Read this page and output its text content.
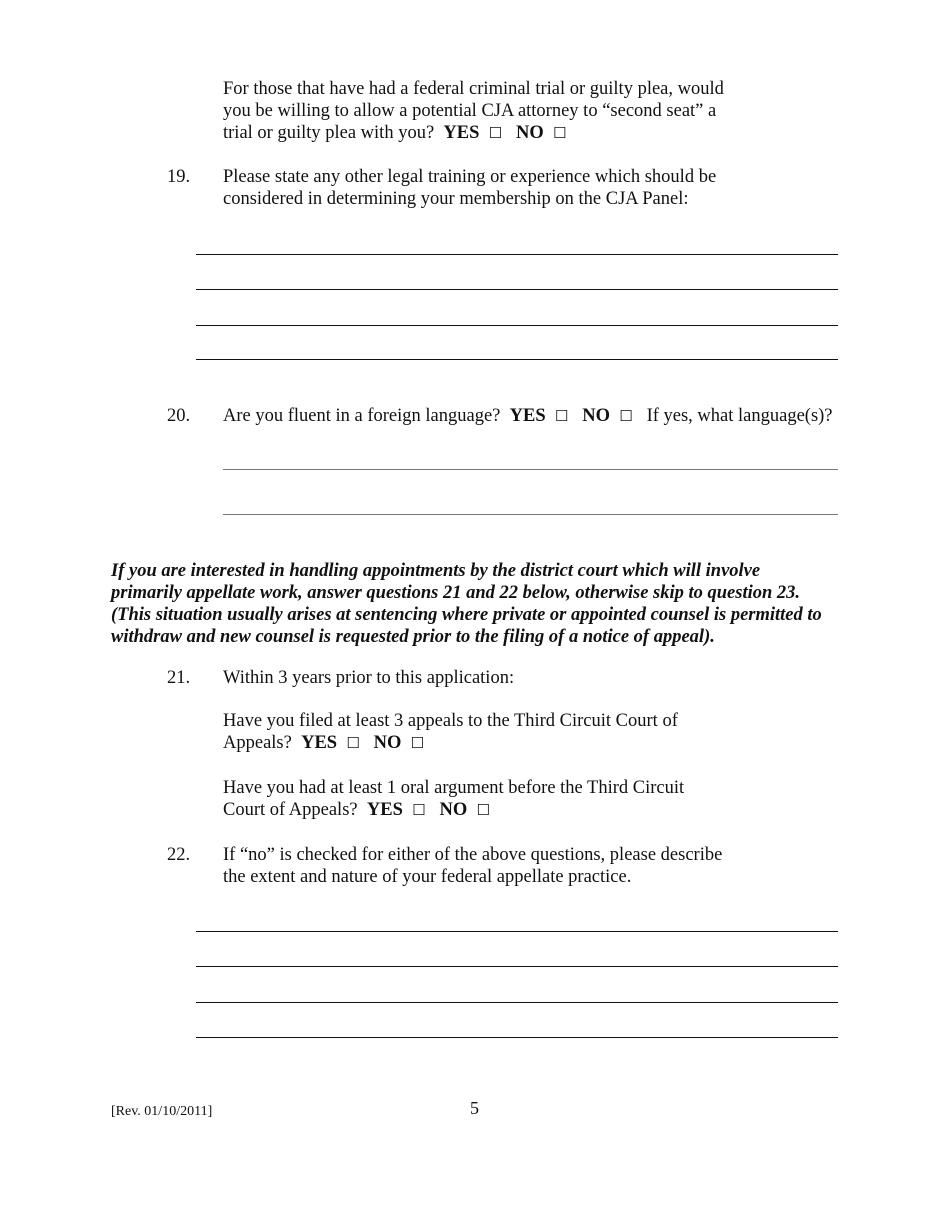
For those that have had a federal criminal trial or guilty plea, would
you be willing to allow a potential CJA attorney to “second seat” a
trial or guilty plea with you? YES ☐ NO ☐
19. Please state any other legal training or experience which should be
considered in determining your membership on the CJA Panel:
20. Are you fluent in a foreign language? YES ☐ NO ☐ If yes, what language(s)?
If you are interested in handling appointments by the district court which will involve
primarily appellate work, answer questions 21 and 22 below, otherwise skip to question 23.
(This situation usually arises at sentencing where private or appointed counsel is permitted to
withdraw and new counsel is requested prior to the filing of a notice of appeal).
21. Within 3 years prior to this application:
Have you filed at least 3 appeals to the Third Circuit Court of
Appeals? YES ☐ NO ☐
Have you had at least 1 oral argument before the Third Circuit
Court of Appeals? YES ☐ NO ☐
22. If “no” is checked for either of the above questions, please describe
the extent and nature of your federal appellate practice.
[Rev. 01/10/2011]	5
